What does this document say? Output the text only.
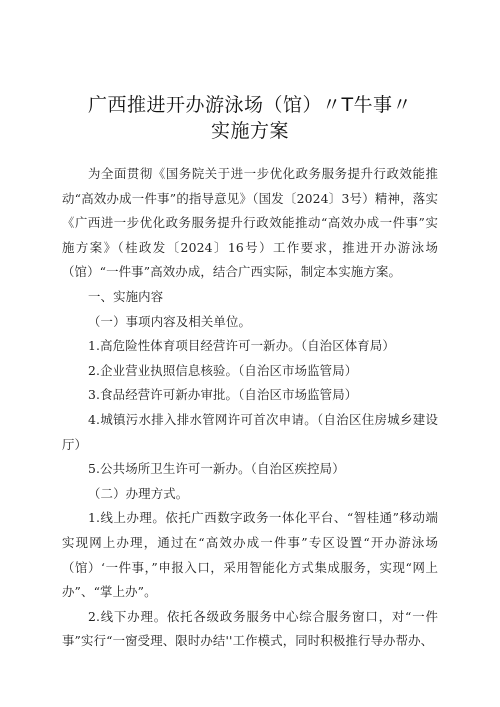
广西推进开办游泳场（馆）〃T牛事〃
实施方案

为全面贯彻《国务院关于进一步优化政务服务提升行政效能推动“高效办成一件事”的指导意见》（国发〔2024〕3号）精神，落实《广西进一步优化政务服务提升行政效能推动“高效办成一件事”实施方案》（桂政发〔2024〕16号）工作要求，推进开办游泳场（馆）“一件事”高效办成，结合广西实际，制定本实施方案。

一、实施内容

（一）事项内容及相关单位。

1.高危险性体育项目经营许可一新办。（自治区体育局）

2.企业营业执照信息核验。（自治区市场监管局）

3.食品经营许可新办审批。（自治区市场监管局）

4.城镇污水排入排水管网许可首次申请。（自治区住房城乡建设厅）

5.公共场所卫生许可一新办。（自治区疾控局）

（二）办理方式。

1.线上办理。依托广西数字政务一体化平台、“智桂通”移动端实现网上办理，通过在“高效办成一件事”专区设置“开办游泳场（馆）‘一件事，”申报入口，采用智能化方式集成服务，实现“网上办”、“掌上办”。

2.线下办理。依托各级政务服务中心综合服务窗口，对“一件事”实行“一窗受理、限时办结''工作模式，同时积极推行导办帮办、
